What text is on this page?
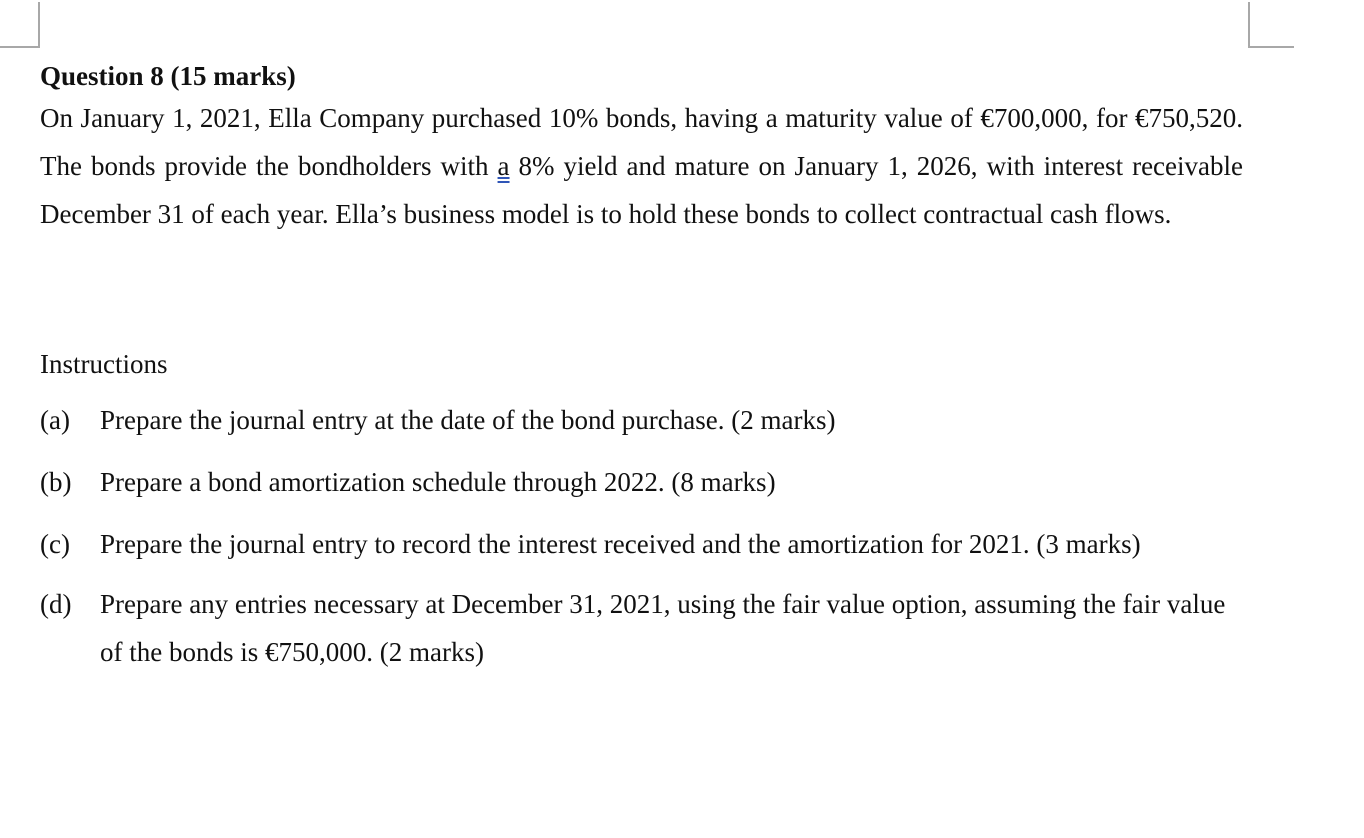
Question 8 (15 marks)

On January 1, 2021, Ella Company purchased 10% bonds, having a maturity value of €700,000, for €750,520. The bonds provide the bondholders with a 8% yield and mature on January 1, 2026, with interest receivable December 31 of each year. Ella’s business model is to hold these bonds to collect contractual cash flows.

Instructions

(a) Prepare the journal entry at the date of the bond purchase. (2 marks)
(b) Prepare a bond amortization schedule through 2022. (8 marks)
(c) Prepare the journal entry to record the interest received and the amortization for 2021. (3 marks)
(d) Prepare any entries necessary at December 31, 2021, using the fair value option, assuming the fair value of the bonds is €750,000. (2 marks)
